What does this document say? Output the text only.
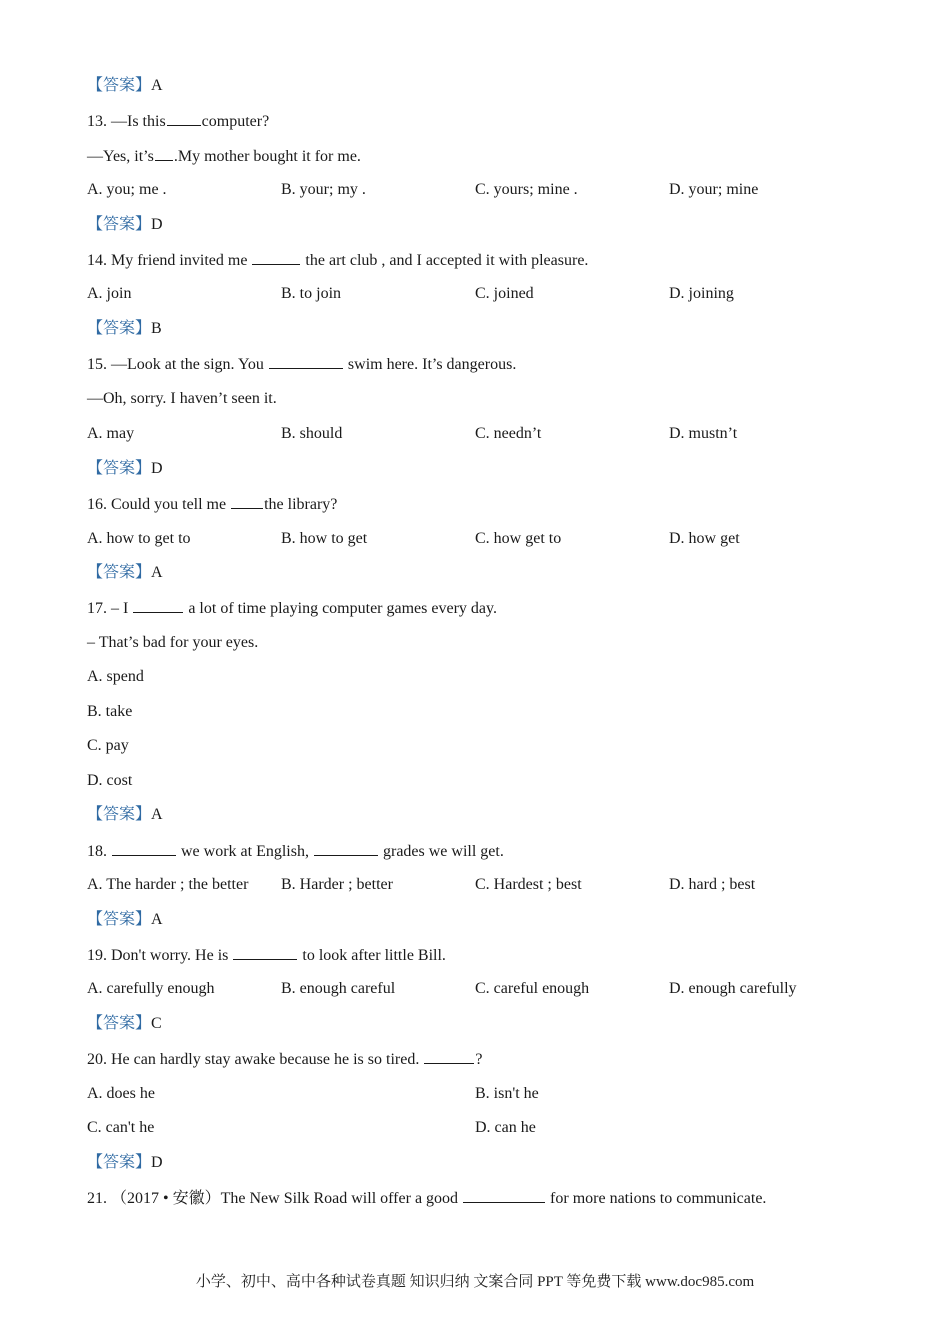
【答案】A
13. —Is this computer?
—Yes, it’s .My mother bought it for me.
A. you; me .	B. your; my .	C. yours; mine .	D. your; mine
【答案】D
14. My friend invited me	the art club , and I accepted it with pleasure.
A. join	B. to join	C. joined	D. joining
【答案】B
15. —Look at the sign. You	swim here. It’s dangerous.
—Oh, sorry. I haven’t seen it.
A. may	B. should	C. needn’t	D. mustn’t
【答案】D
16. Could you tell me the library?
A. how to get to	B. how to get	C. how get to	D. how get
【答案】A
17. – I	a lot of time playing computer games every day.
– That’s bad for your eyes.
A. spend
B. take
C. pay
D. cost
【答案】A
18.	we work at English,	grades we will get.
A. The harder ; the better B. Harder ; better	C. Hardest ; best	D. hard ; best
【答案】A
19. Don't worry. He is	to look after little Bill.
A. carefully enough	B. enough careful	C. careful enough	D. enough carefully
【答案】C
20. He can hardly stay awake because he is so tired.	?
A. does he	B. isn't he
C. can't he	D. can he
【答案】D
21. （2017 • 安徽）The New Silk Road will offer a good	for more nations to communicate.
小学、初中、高中各种试卷真题 知识归纳 文案合同 PPT 等免费下载 www.doc985.com
